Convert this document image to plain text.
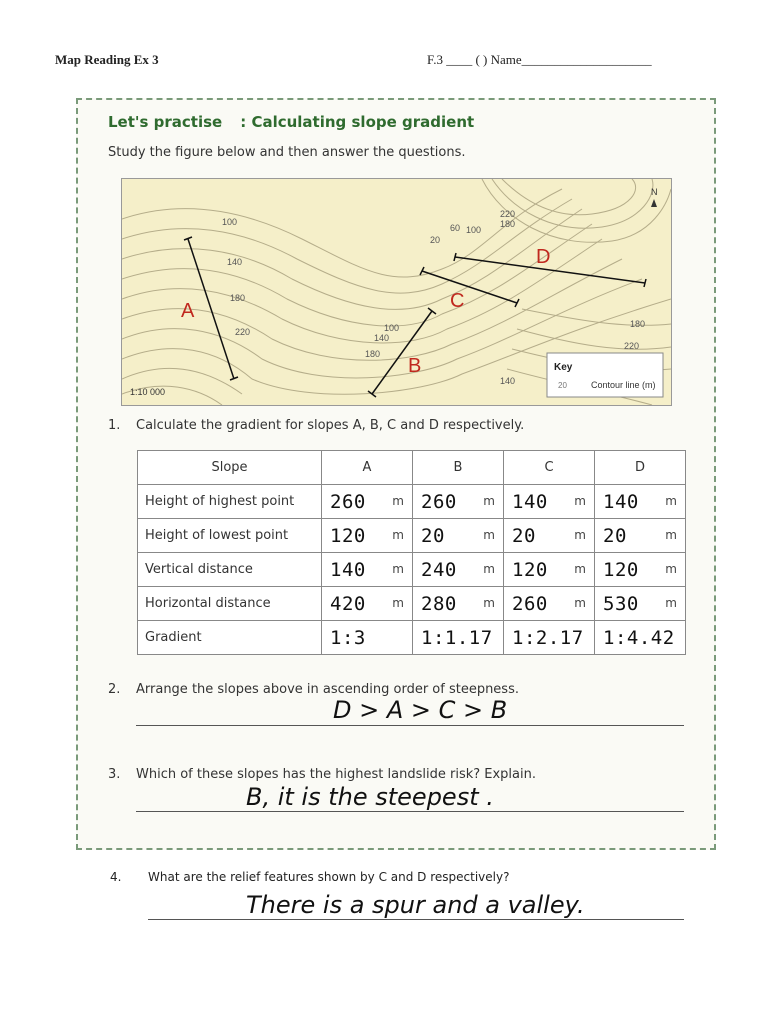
Map Reading Ex 3	F.3 ____ ( ) Name____________________
Let's practise : Calculating slope gradient
Study the figure below and then answer the questions.
100
140
180
220	100
140
180
220
180
100
60
20
180
220
140
A
B
C
D
N
1:10 000
Key
20	Contour line (m)
1. Calculate the gradient for slopes A, B, C and D respectively.
Slope	A	B	C	D
Height of highest point	260 m	260 m	140 m	140 m

Height of lowest point	120 m	20 m	20 m	20 m

Vertical distance	140 m	240 m	120 m	120 m

Horizontal distance	420 m	280 m	260 m	530 m

Gradient	1:3	1:1.17	1:2.17	1:4.42
2. Arrange the slopes above in ascending order of steepness.
D > A > C > B
3. Which of these slopes has the highest landslide risk? Explain.
B, it is the steepest .
4. What are the relief features shown by C and D respectively?
There is a spur and a valley.
